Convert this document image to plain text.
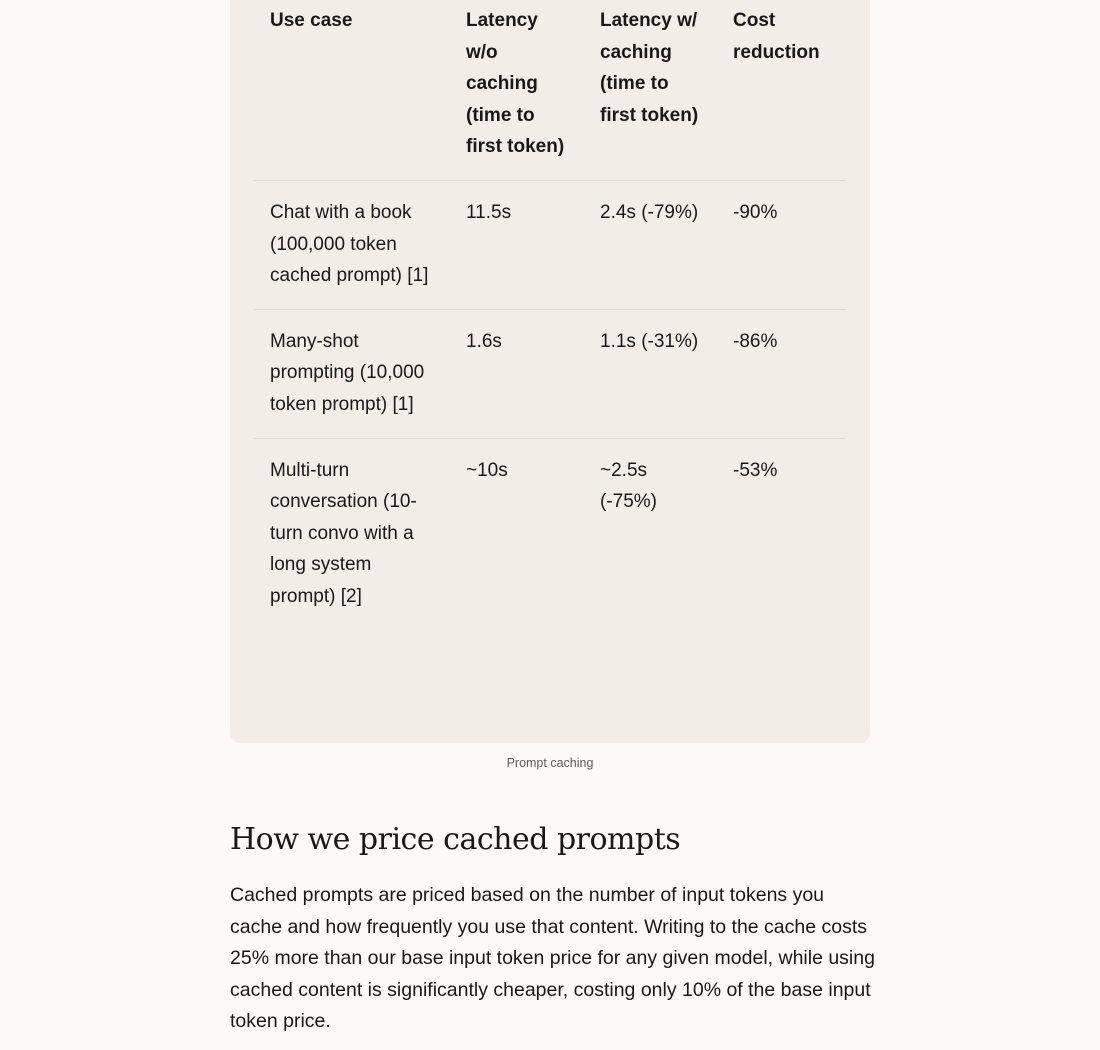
Use case	Latency w/o caching (time to first token)	Latency w/ caching (time to first token)	Cost reduction
Chat with a book (100,000 token cached prompt) [1]	11.5s	2.4s (-79%)	-90%
Many-shot prompting (10,000 token prompt) [1]	1.6s	1.1s (-31%)	-86%
Multi-turn conversation (10-turn convo with a long system prompt) [2]	~10s	~2.5s (-75%)	-53%
Prompt caching
How we price cached prompts

Cached prompts are priced based on the number of input tokens you cache and how frequently you use that content. Writing to the cache costs 25% more than our base input token price for any given model, while using cached content is significantly cheaper, costing only 10% of the base input token price.
